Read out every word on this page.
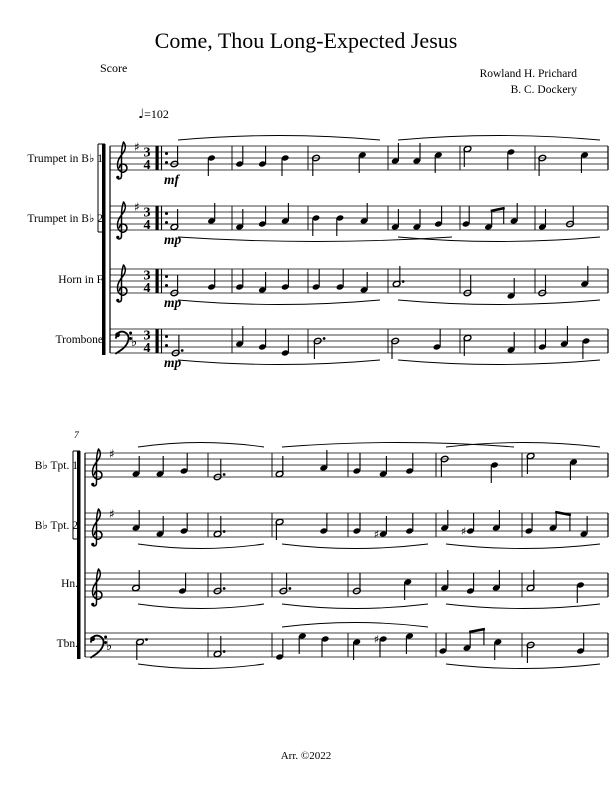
Come, Thou Long-Expected Jesus
Score	Rowland H. Prichard
B. C. Dockery
♩=102
7
Arr. ©2022
♯ 3
4
mf
♯ 3
4
mp
3
4
mp
♭ 3
4
mp
♯
♯
♯	♯
♭	♯
Trumpet in B♭ 1
Trumpet in B♭ 2
Horn in F
Trombone
B♭ Tpt. 1
B♭ Tpt. 2
Hn.
Tbn.
